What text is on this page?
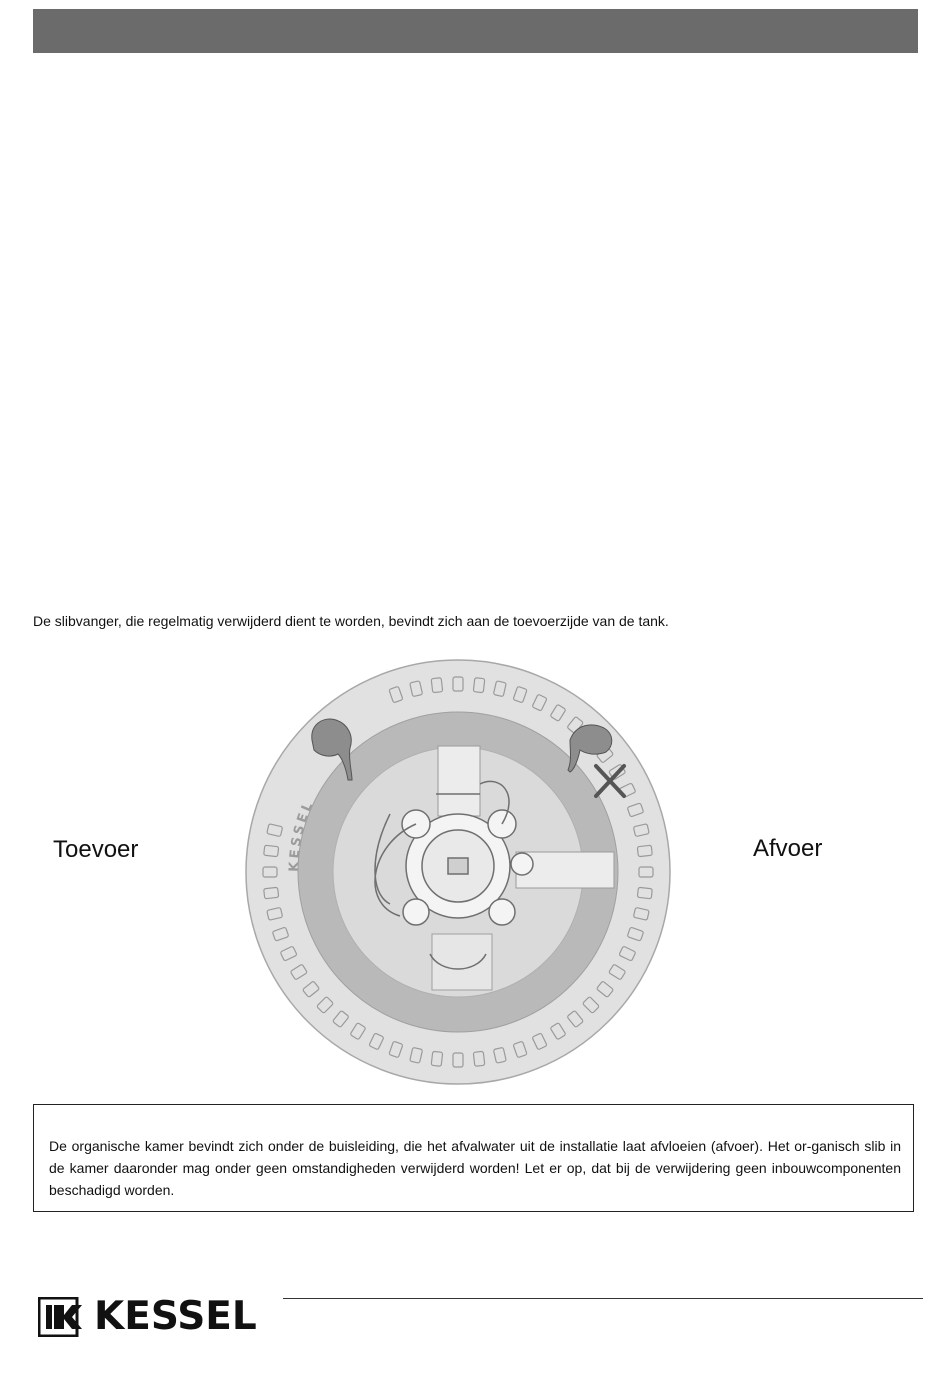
De slibvanger, die regelmatig verwijderd dient te worden, bevindt zich aan de toevoerzijde van de tank.
Toevoer	Afvoer
KESSEL
De organische kamer bevindt zich onder de buisleiding, die het afvalwater uit de installatie laat afvloeien (afvoer). Het or-ganisch slib in de kamer daaronder mag onder geen omstandigheden verwijderd worden! Let er op, dat bij de verwijdering geen inbouwcomponenten beschadigd worden.
KESSEL
